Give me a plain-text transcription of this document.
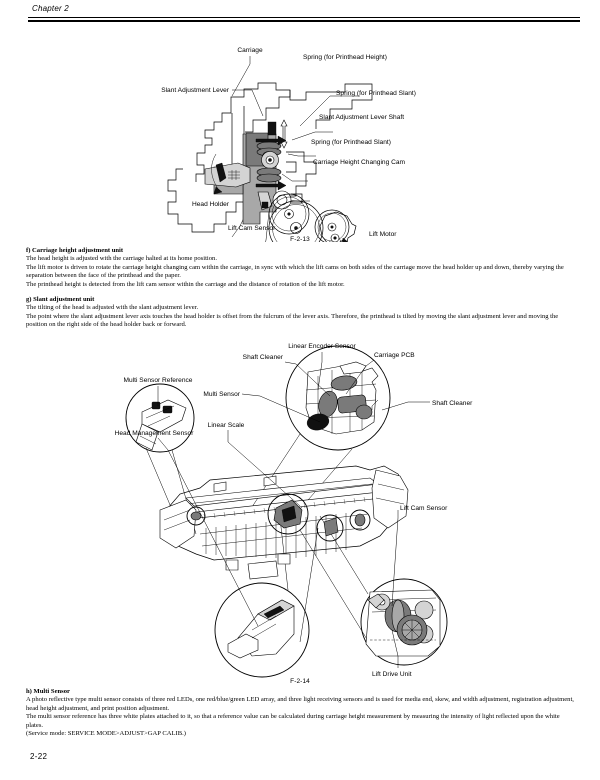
Chapter 2
Carriage
Spring (for Printhead Height)
Slant Adjustment Lever	Spring (for Printhead Slant)
Slant Adjustment Lever Shaft
Spring (for Printhead Slant)
Carriage Height Changing Cam
Head Holder
Lift Cam Sensor
Lift Motor
F-2-13

f) Carriage height adjustment unit

The head height is adjusted with the carriage halted at its home position.

The lift motor is driven to rotate the carriage height changing cam within the carriage, in sync with which the lift cams on both sides of the carriage move the head holder up and down, thereby varying the separation between the face of the printhead and the paper.

The printhead height is detected from the lift cam sensor within the carriage and the distance of rotation of the lift motor.

g) Slant adjustment unit

The tilting of the head is adjusted with the slant adjustment lever.

The point where the slant adjustment lever axis touches the head holder is offset from the fulcrum of the lever axis. Therefore, the printhead is tilted by moving the slant adjustment lever and moving the position on the right side of the head holder back or forward.

Linear Encoder Sensor
Shaft Cleaner	Carriage PCB
Multi Sensor Reference
Multi Sensor
Shaft Cleaner
Linear Scale
Head Management Sensor
Lift Cam Sensor
Lift Drive Unit
F-2-14

h) Multi Sensor

A photo reflective type multi sensor consists of three red LEDs, one red/blue/green LED array, and three light receiving sensors and is used for media end, skew, and width adjustment, registration adjustment, head height adjustment, and print position adjustment.

The multi sensor reference has three white plates attached to it, so that a reference value can be calculated during carriage height measurement by measuring the intensity of light reflected upon the white plates.

(Service mode: SERVICE MODE>ADJUST>GAP CALIB.)

2-22
